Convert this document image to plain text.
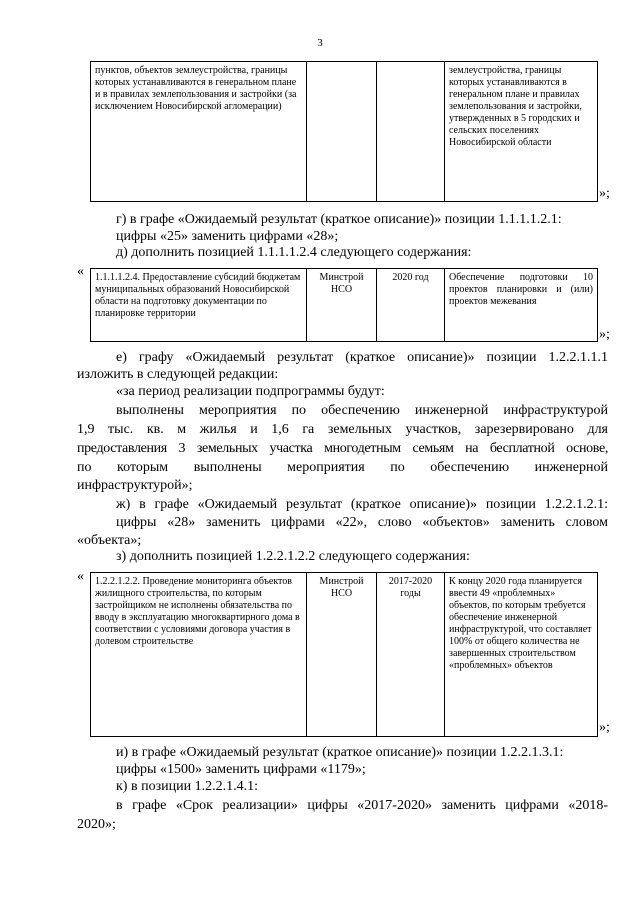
3
пунктов, объектов землеустройства, границы которых устанавливаются в генеральном плане и в правилах землепользования и застройки (за исключением Новосибирской агломерации)			землеустройства, границы которых устанавливаются в генеральном плане и правилах землепользования и застройки, утвержденных в 5 городских и сельских поселениях Новосибирской области
»;
г) в графе «Ожидаемый результат (краткое описание)» позиции 1.1.1.1.2.1:
цифры «25» заменить цифрами «28»;
д) дополнить позицией 1.1.1.1.2.4 следующего содержания:
« 1.1.1.1.2.4. Предоставление субсидий бюджетам муниципальных образований Новосибирской области на подготовку документации по планировке территории	Минстрой НСО	2020 год	Обеспечение подготовки 10 проектов планировки и (или) проектов межевания
»;
е) графу «Ожидаемый результат (краткое описание)» позиции 1.2.2.1.1.1
изложить в следующей редакции:
«за период реализации подпрограммы будут:
выполнены мероприятия по обеспечению инженерной инфраструктурой
1,9 тыс. кв. м жилья и 1,6 га земельных участков, зарезервировано для
предоставления 3 земельных участка многодетным семьям на бесплатной основе,
по которым выполнены мероприятия по обеспечению инженерной
инфраструктурой»;
ж) в графе «Ожидаемый результат (краткое описание)» позиции 1.2.2.1.2.1:
цифры «28» заменить цифрами «22», слово «объектов» заменить словом
«объекта»;
з) дополнить позицией 1.2.2.1.2.2 следующего содержания:
« 1.2.2.1.2.2. Проведение мониторинга объектов жилищного строительства, по которым застройщиком не исполнены обязательства по вводу в эксплуатацию многоквартирного дома в соответствии с условиями договора участия в долевом строительстве	Минстрой НСО	2017-2020 годы	К концу 2020 года планируется ввести 49 «проблемных» объектов, по которым требуется обеспечение инженерной инфраструктурой, что составляет 100% от общего количества не завершенных строительством «проблемных» объектов
»;
и) в графе «Ожидаемый результат (краткое описание)» позиции 1.2.2.1.3.1:
цифры «1500» заменить цифрами «1179»;
к) в позиции 1.2.2.1.4.1:
в графе «Срок реализации» цифры «2017-2020» заменить цифрами «2018-
2020»;
